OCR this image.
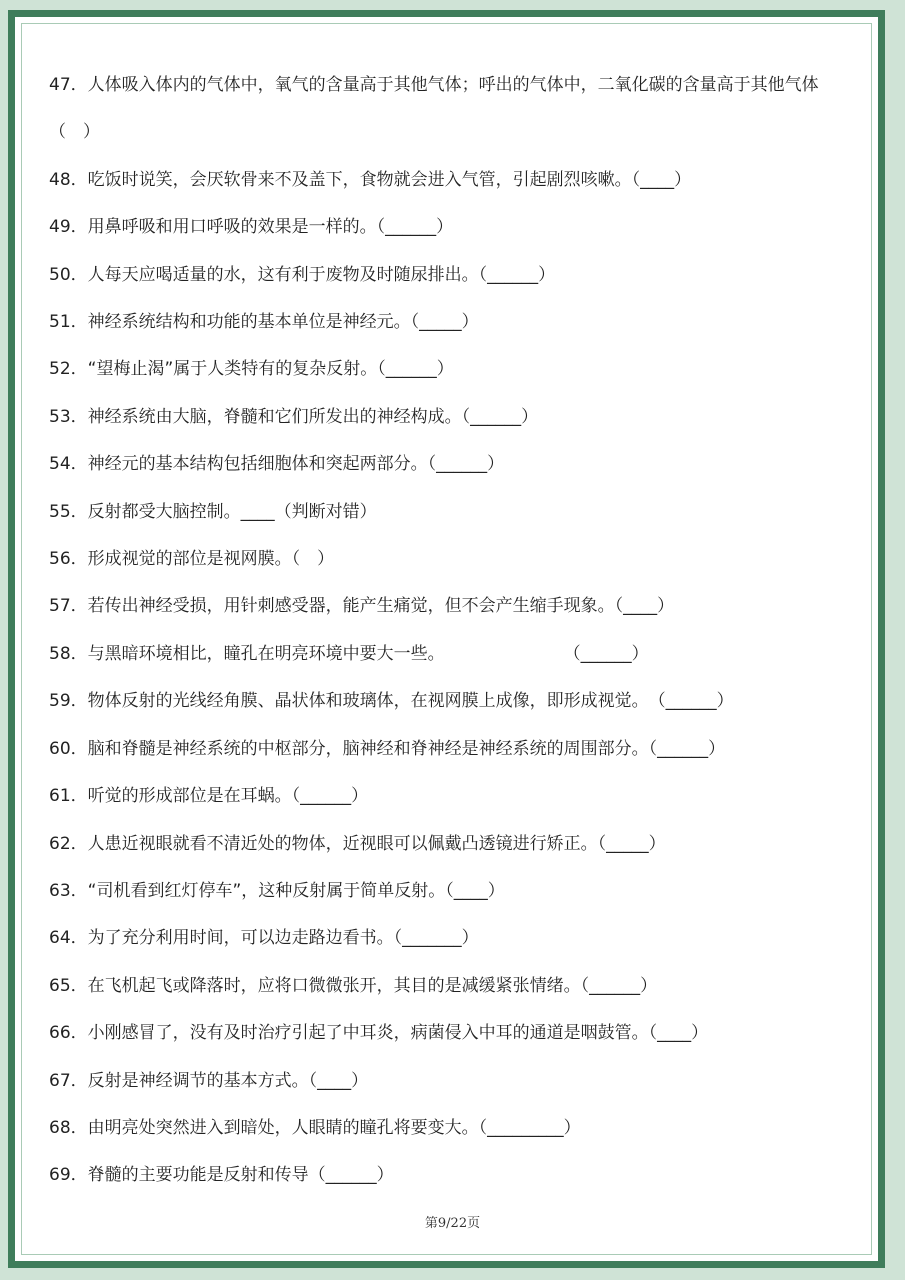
47．人体吸入体内的气体中，氧气的含量高于其他气体；呼出的气体中，二氧化碳的含量高于其他气体（　）
48．吃饭时说笑，会厌软骨来不及盖下，食物就会进入气管，引起剧烈咳嗽。（____）
49．用鼻呼吸和用口呼吸的效果是一样的。（______）
50．人每天应喝适量的水，这有利于废物及时随尿排出。（______）
51．神经系统结构和功能的基本单位是神经元。（_____）
52．“望梅止渴”属于人类特有的复杂反射。（______）
53．神经系统由大脑，脊髓和它们所发出的神经构成。（______）
54．神经元的基本结构包括细胞体和突起两部分。（______）
55．反射都受大脑控制。____（判断对错）
56．形成视觉的部位是视网膜。（　）
57．若传出神经受损，用针刺感受器，能产生痛觉，但不会产生缩手现象。（____）
58．与黑暗环境相比，瞳孔在明亮环境中要大一些。　　　　　　　　（______）
59．物体反射的光线经角膜、晶状体和玻璃体，在视网膜上成像，即形成视觉。　（______）
60．脑和脊髓是神经系统的中枢部分，脑神经和脊神经是神经系统的周围部分。（______）
61．听觉的形成部位是在耳蜗。（______）
62．人患近视眼就看不清近处的物体，近视眼可以佩戴凸透镜进行矫正。（_____）
63．“司机看到红灯停车”，这种反射属于简单反射。（____）
64．为了充分利用时间，可以边走路边看书。（_______）
65．在飞机起飞或降落时，应将口微微张开，其目的是减缓紧张情绪。（______）
66．小刚感冒了，没有及时治疗引起了中耳炎，病菌侵入中耳的通道是咽鼓管。（____）
67．反射是神经调节的基本方式。（____）
68．由明亮处突然进入到暗处，人眼睛的瞳孔将要变大。（_________）
69．脊髓的主要功能是反射和传导（______）
第9/22页
